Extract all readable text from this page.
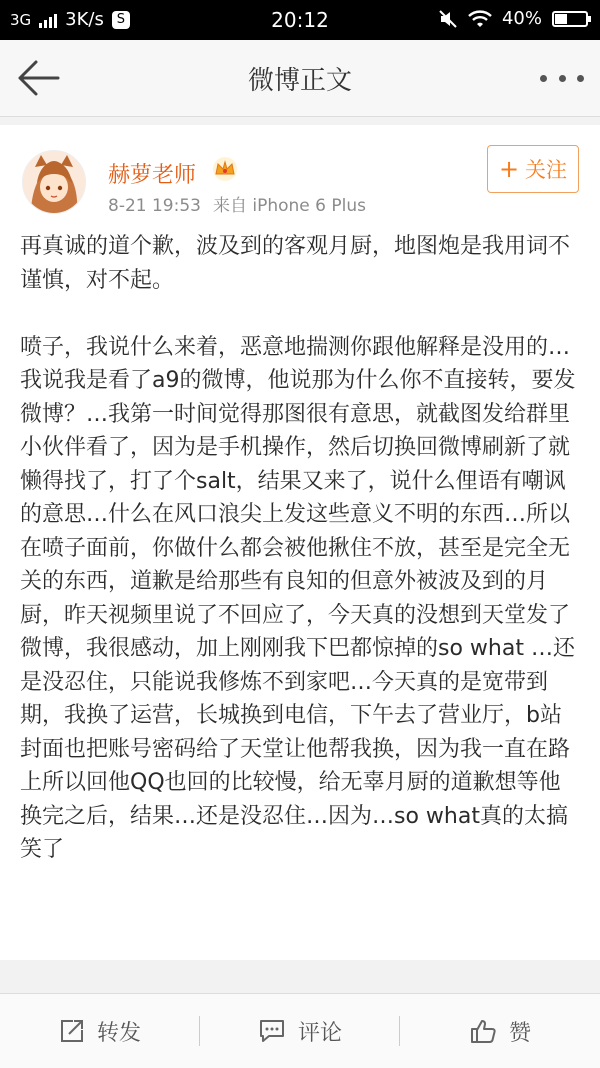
3G 3K/s S	20:12	40%
微博正文
赫萝老师
8-21 19:53 来自 iPhone 6 Plus
+ 关注
再真诚的道个歉，波及到的客观月厨，地图炮是我用词不谨慎，对不起。

喷子，我说什么来着，恶意地揣测你跟他解释是没用的…我说我是看了a9的微博，他说那为什么你不直接转，要发微博？…我第一时间觉得那图很有意思，就截图发给群里小伙伴看了，因为是手机操作，然后切换回微博刷新了就懒得找了，打了个salt，结果又来了，说什么俚语有嘲讽的意思…什么在风口浪尖上发这些意义不明的东西…所以在喷子面前，你做什么都会被他揪住不放，甚至是完全无关的东西，道歉是给那些有良知的但意外被波及到的月厨，昨天视频里说了不回应了，今天真的没想到天堂发了微博，我很感动，加上刚刚我下巴都惊掉的so what …还是没忍住，只能说我修炼不到家吧…今天真的是宽带到期，我换了运营，长城换到电信，下午去了营业厅，b站封面也把账号密码给了天堂让他帮我换，因为我一直在路上所以回他QQ也回的比较慢，给无辜月厨的道歉想等他换完之后，结果…还是没忍住…因为…so what真的太搞笑了
转发	评论	赞
